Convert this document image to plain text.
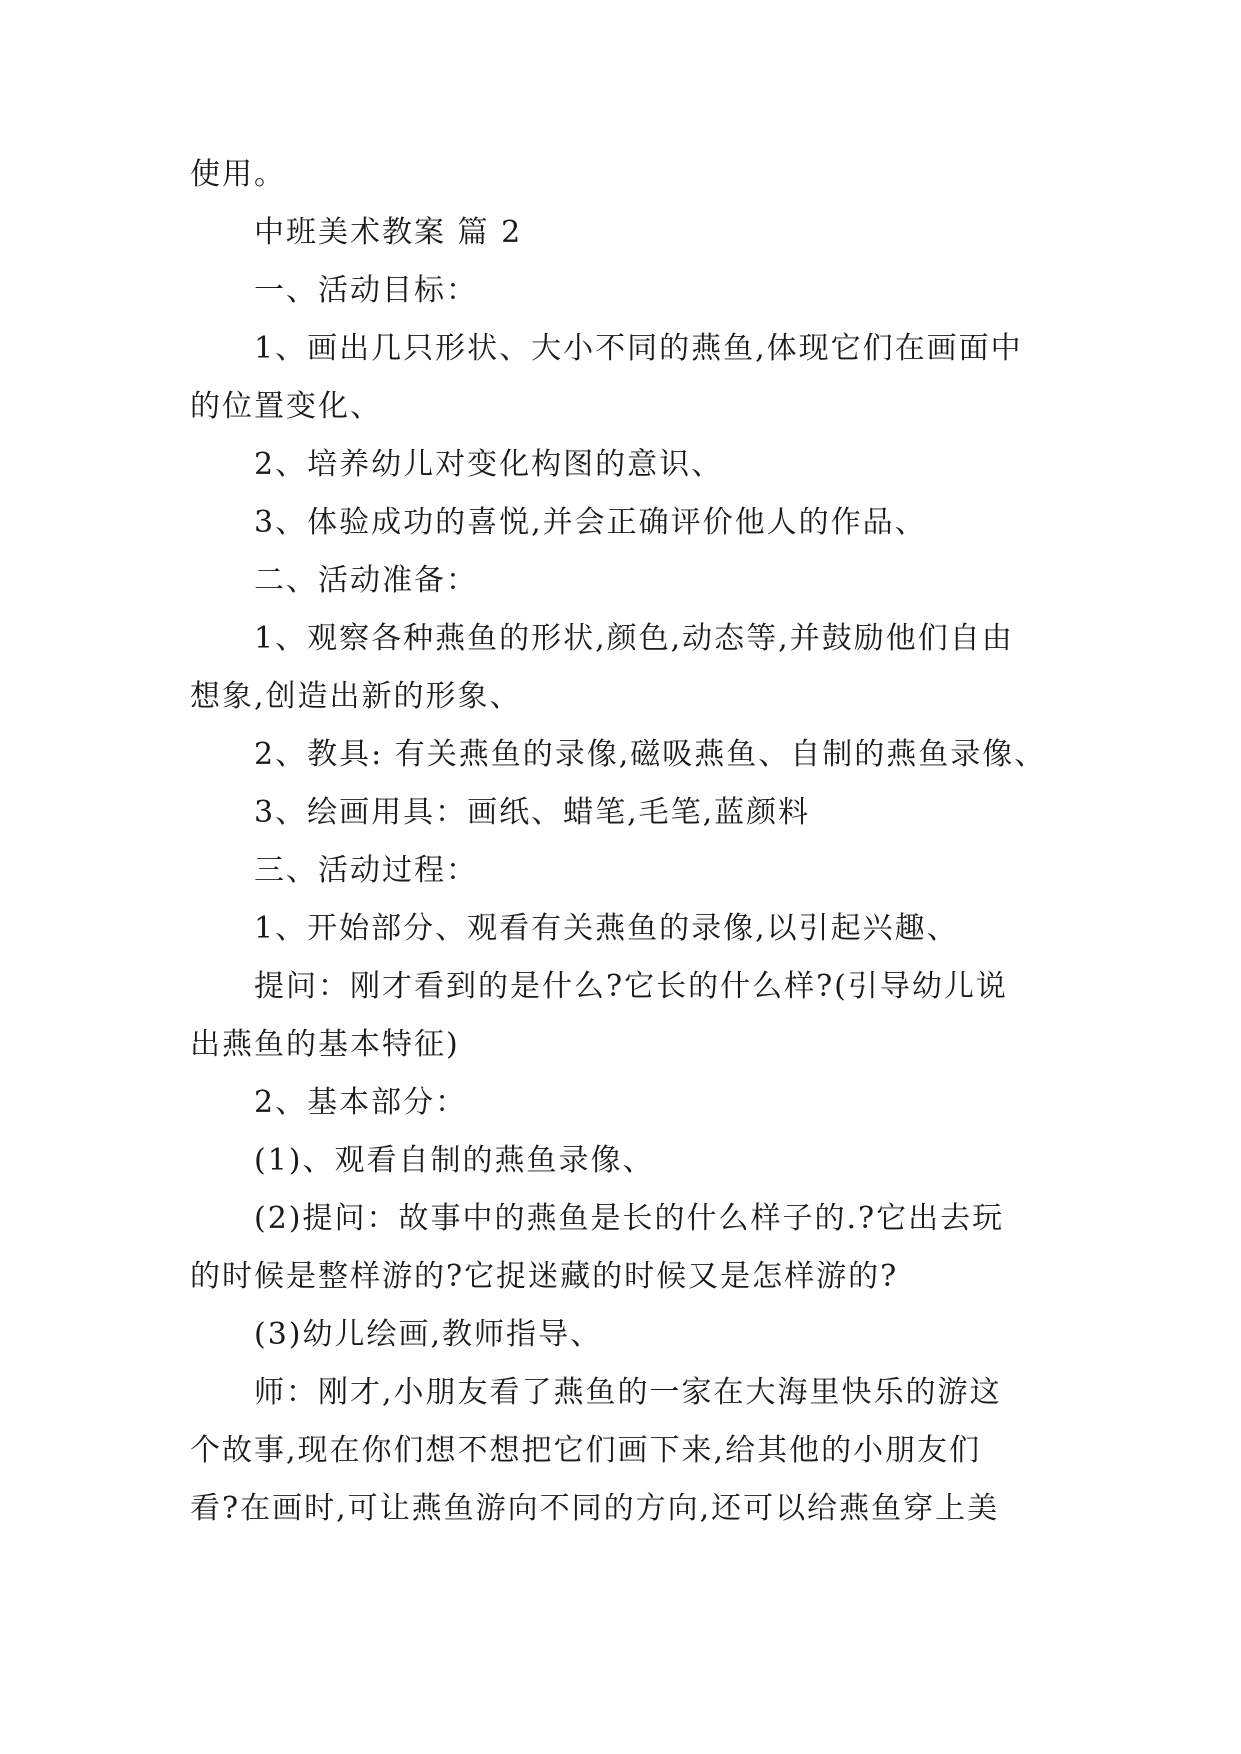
使用。
中班美术教案 篇 2
一、活动目标：
1、画出几只形状、大小不同的燕鱼,体现它们在画面中
的位置变化、
2、培养幼儿对变化构图的意识、
3、体验成功的喜悦,并会正确评价他人的作品、
二、活动准备：
1、观察各种燕鱼的形状,颜色,动态等,并鼓励他们自由
想象,创造出新的形象、
2、教具: 有关燕鱼的录像,磁吸燕鱼、自制的燕鱼录像、
3、绘画用具：画纸、蜡笔,毛笔,蓝颜料
三、活动过程：
1、开始部分、观看有关燕鱼的录像,以引起兴趣、
提问：刚才看到的是什么?它长的什么样?(引导幼儿说
出燕鱼的基本特征)
2、基本部分：
(1)、观看自制的燕鱼录像、
(2)提问：故事中的燕鱼是长的什么样子的.?它出去玩
的时候是整样游的?它捉迷藏的时候又是怎样游的?
(3)幼儿绘画,教师指导、
师：刚才,小朋友看了燕鱼的一家在大海里快乐的游这
个故事,现在你们想不想把它们画下来,给其他的小朋友们
看?在画时,可让燕鱼游向不同的方向,还可以给燕鱼穿上美
